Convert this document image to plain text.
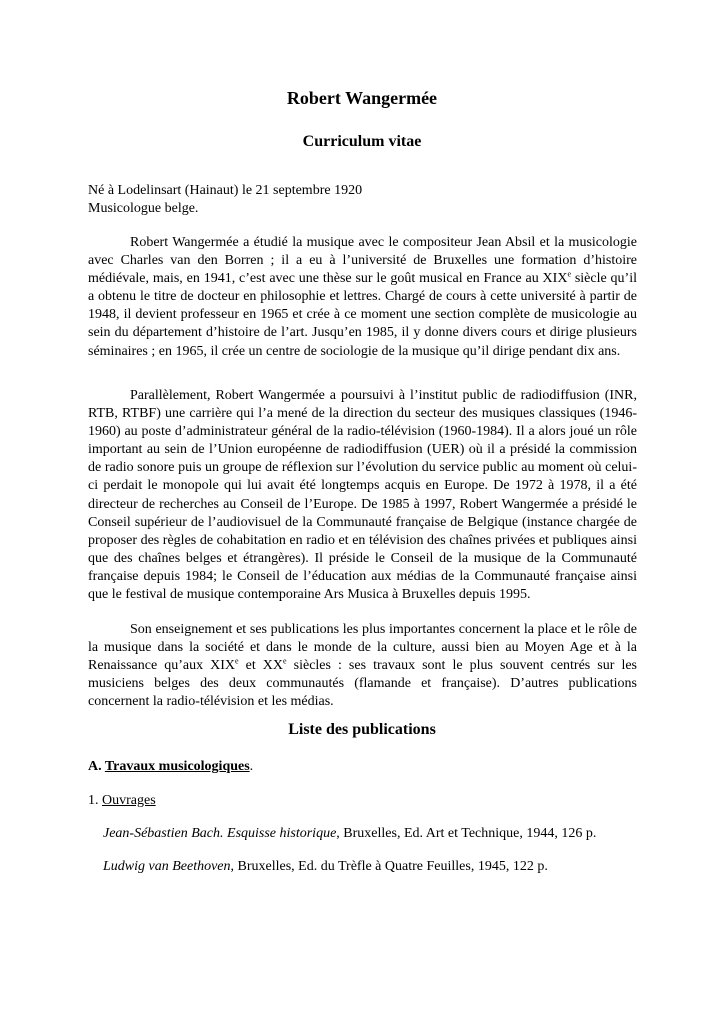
Robert Wangermée
Curriculum vitae
Né à Lodelinsart (Hainaut) le 21 septembre 1920
Musicologue belge.

Robert Wangermée a étudié la musique avec le compositeur Jean Absil et la musicologie avec Charles van den Borren ; il a eu à l’université de Bruxelles une formation d’histoire médiévale, mais, en 1941, c’est avec une thèse sur le goût musical en France au XIXe siècle qu’il a obtenu le titre de docteur en philosophie et lettres. Chargé de cours à cette université à partir de 1948, il devient professeur en 1965 et crée à ce moment une section complète de musicologie au sein du département d’histoire de l’art. Jusqu’en 1985, il y donne divers cours et dirige plusieurs séminaires ; en 1965, il crée un centre de sociologie de la musique qu’il dirige pendant dix ans.

Parallèlement, Robert Wangermée a poursuivi à l’institut public de radiodiffusion (INR, RTB, RTBF) une carrière qui l’a mené de la direction du secteur des musiques classiques (1946-1960) au poste d’administrateur général de la radio-télévision (1960-1984). Il a alors joué un rôle important au sein de l’Union européenne de radiodiffusion (UER) où il a présidé la commission de radio sonore puis un groupe de réflexion sur l’évolution du service public au moment où celui-ci perdait le monopole qui lui avait été longtemps acquis en Europe. De 1972 à 1978, il a été directeur de recherches au Conseil de l’Europe. De 1985 à 1997, Robert Wangermée a présidé le Conseil supérieur de l’audiovisuel de la Communauté française de Belgique (instance chargée de proposer des règles de cohabitation en radio et en télévision des chaînes privées et publiques ainsi que des chaînes belges et étrangères). Il préside le Conseil de la musique de la Communauté française depuis 1984; le Conseil de l’éducation aux médias de la Communauté française ainsi que le festival de musique contemporaine Ars Musica à Bruxelles depuis 1995.

Son enseignement et ses publications les plus importantes concernent la place et le rôle de la musique dans la société et dans le monde de la culture, aussi bien au Moyen Age et à la Renaissance qu’aux XIXe et XXe siècles : ses travaux sont le plus souvent centrés sur les musiciens belges des deux communautés (flamande et française). D’autres publications concernent la radio-télévision et les médias.

Liste des publications

A. Travaux musicologiques.

1. Ouvrages

Jean-Sébastien Bach. Esquisse historique, Bruxelles, Ed. Art et Technique, 1944, 126 p.

Ludwig van Beethoven, Bruxelles, Ed. du Trèfle à Quatre Feuilles, 1945, 122 p.
